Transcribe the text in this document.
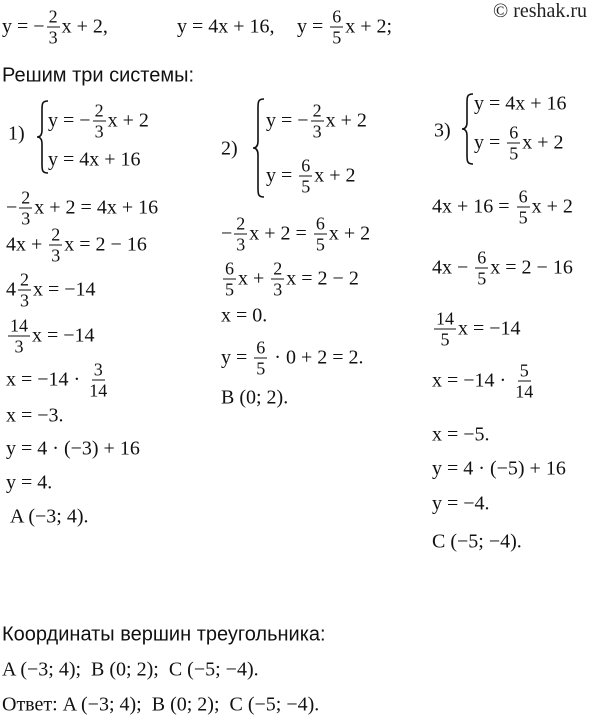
© reshak.ru
y = − $\frac{2}{3}$ x + 2,	y = 4x + 16, $y = \frac{6}{5}$ x + 2;
Решим три системы:
1)
y = − $\frac{2}{3}$ x + 2
y = 4x + 16
− $\frac{2}{3}$ x + 2 = 4x + 16
$4x + \frac{2}{3}$ x = 2 − 16
$4 \frac{2}{3}$ x = −14
$\frac{14}{3}$ x = −14
$x = -14 \cdot \frac{3}{14}$
x = −3.
y = 4 · (−3) + 16
y = 4.
A (−3; 4).
2)
y = − $\frac{2}{3}$ x + 2
$y = \frac{6}{5}$ x + 2
− $\frac{2}{3}$ $x + 2 = \frac{6}{5}$ x + 2
$\frac{6}{5}$ $x + \frac{2}{3}$ x = 2 − 2
x = 0.
$y = \frac{6}{5} \cdot 0 + 2 = 2$.
B (0; 2).
3)
y = 4x + 16
$y = \frac{6}{5}$ x + 2
$4x + 16 = \frac{6}{5}$ x + 2
$4x - \frac{6}{5}$ x = 2 − 16
$\frac{14}{5}$ x = −14
$x = -14 \cdot \frac{5}{14}$
x = −5.
y = 4 · (−5) + 16
y = −4.
C (−5; −4).
Координаты вершин треугольника:
A (−3; 4);  B (0; 2);  C (−5; −4).
Ответ: A (−3; 4);  B (0; 2);  C (−5; −4).
